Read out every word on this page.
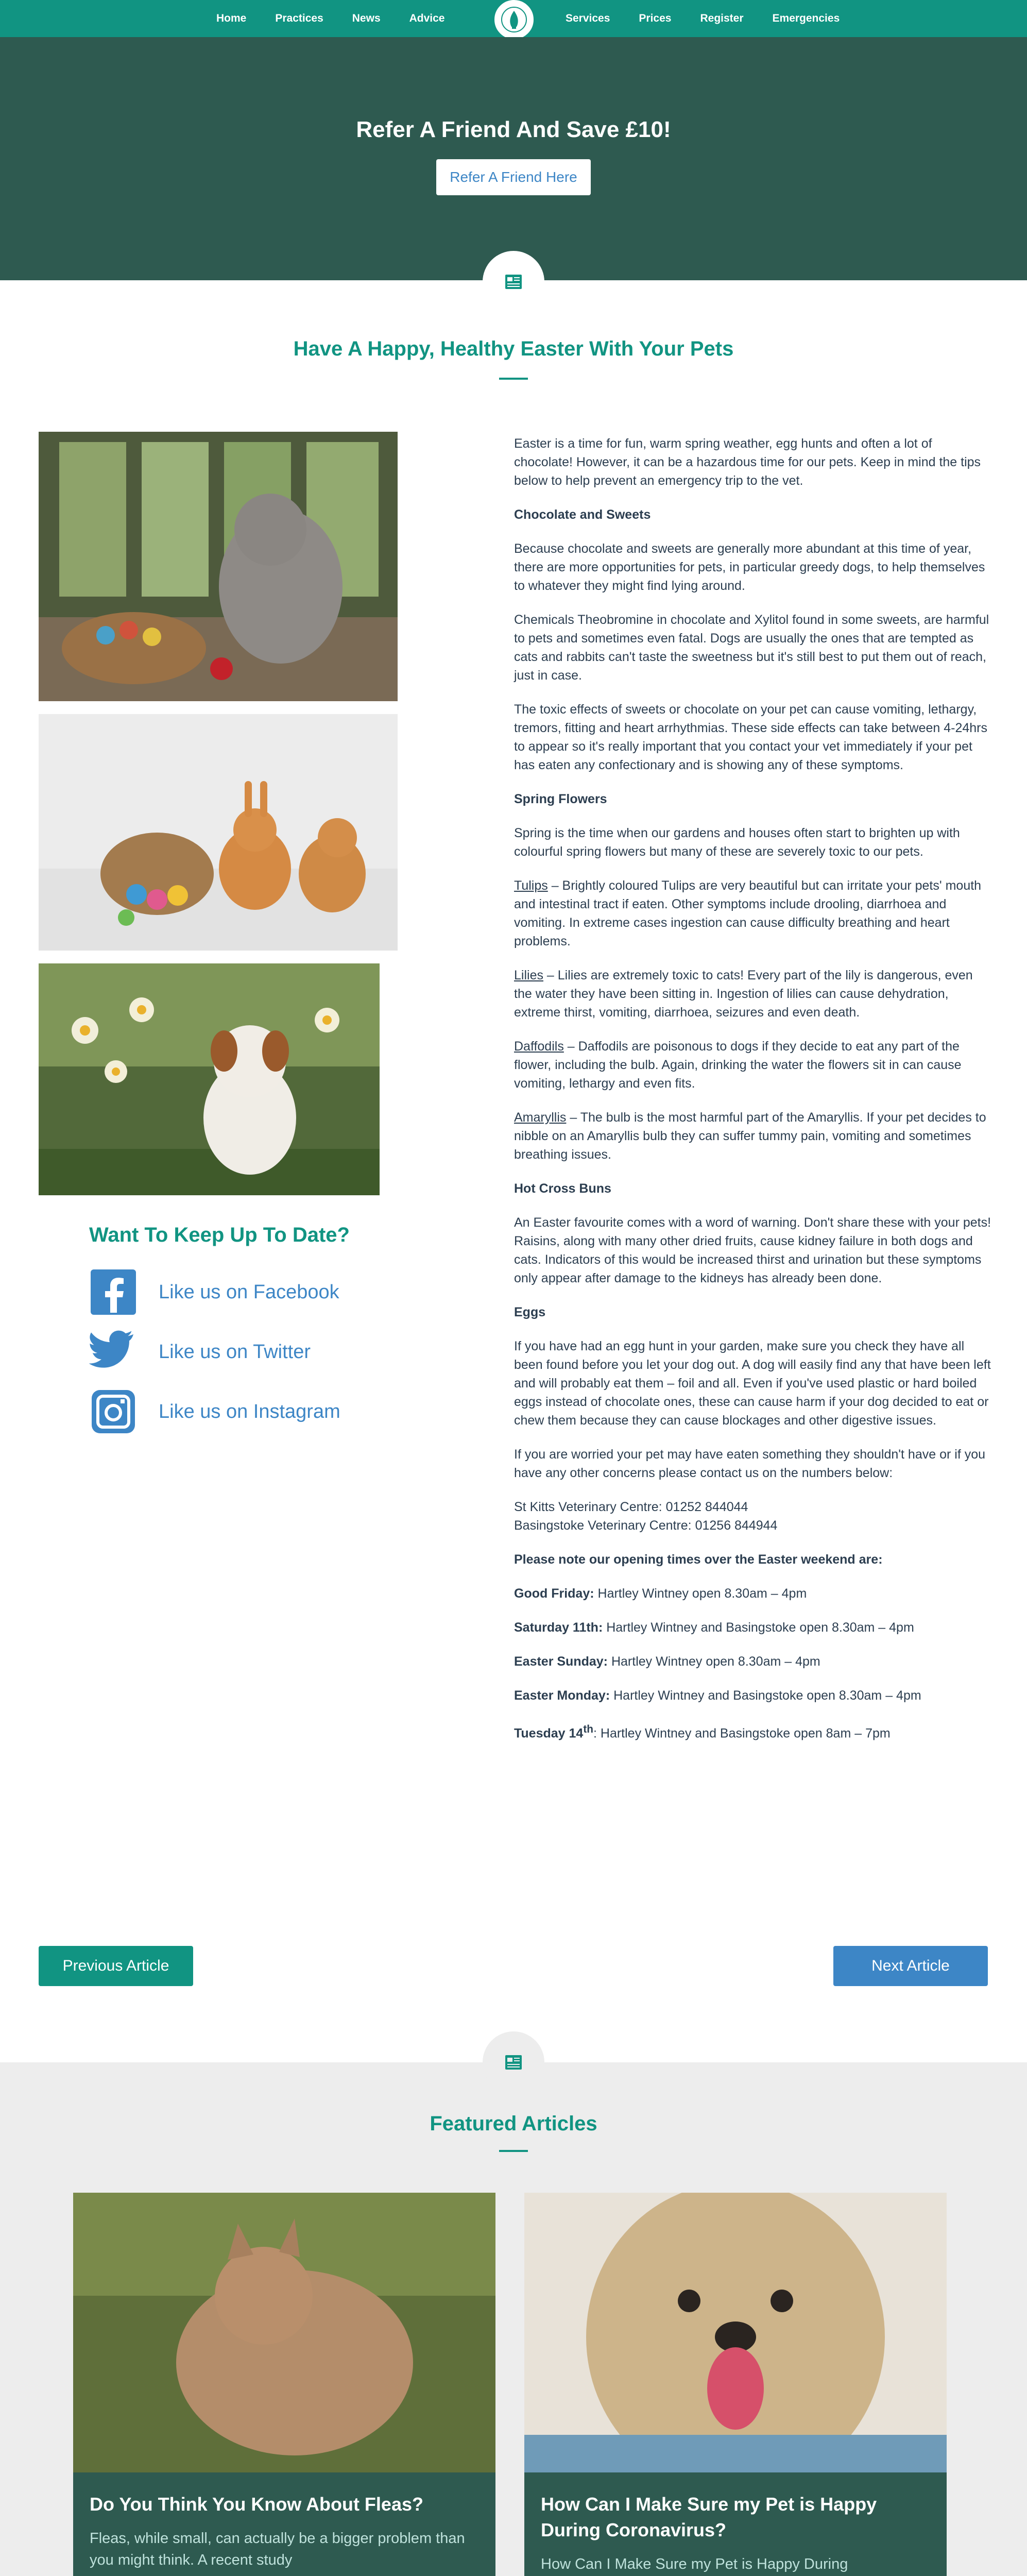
Home	Practices	News	Advice	Services	Prices	Register	Emergencies
Refer A Friend And Save £10!
Refer A Friend Here
Have A Happy, Healthy Easter With Your Pets
Want To Keep Up To Date?
Like us on Facebook
Like us on Twitter
Like us on Instagram

Easter is a time for fun, warm spring weather, egg hunts and often a lot of chocolate! However, it can be a hazardous time for our pets. Keep in mind the tips below to help prevent an emergency trip to the vet.

Chocolate and Sweets

Because chocolate and sweets are generally more abundant at this time of year, there are more opportunities for pets, in particular greedy dogs, to help themselves to whatever they might find lying around.

Chemicals Theobromine in chocolate and Xylitol found in some sweets, are harmful to pets and sometimes even fatal. Dogs are usually the ones that are tempted as cats and rabbits can't taste the sweetness but it's still best to put them out of reach, just in case.

The toxic effects of sweets or chocolate on your pet can cause vomiting, lethargy, tremors, fitting and heart arrhythmias. These side effects can take between 4-24hrs to appear so it's really important that you contact your vet immediately if your pet has eaten any confectionary and is showing any of these symptoms.

Spring Flowers

Spring is the time when our gardens and houses often start to brighten up with colourful spring flowers but many of these are severely toxic to our pets.

Tulips – Brightly coloured Tulips are very beautiful but can irritate your pets' mouth and intestinal tract if eaten. Other symptoms include drooling, diarrhoea and vomiting. In extreme cases ingestion can cause difficulty breathing and heart problems.

Lilies – Lilies are extremely toxic to cats! Every part of the lily is dangerous, even the water they have been sitting in. Ingestion of lilies can cause dehydration, extreme thirst, vomiting, diarrhoea, seizures and even death.

Daffodils – Daffodils are poisonous to dogs if they decide to eat any part of the flower, including the bulb. Again, drinking the water the flowers sit in can cause vomiting, lethargy and even fits.

Amaryllis – The bulb is the most harmful part of the Amaryllis. If your pet decides to nibble on an Amaryllis bulb they can suffer tummy pain, vomiting and sometimes breathing issues.

Hot Cross Buns

An Easter favourite comes with a word of warning. Don't share these with your pets! Raisins, along with many other dried fruits, cause kidney failure in both dogs and cats. Indicators of this would be increased thirst and urination but these symptoms only appear after damage to the kidneys has already been done.

Eggs

If you have had an egg hunt in your garden, make sure you check they have all been found before you let your dog out. A dog will easily find any that have been left and will probably eat them – foil and all. Even if you've used plastic or hard boiled eggs instead of chocolate ones, these can cause harm if your dog decided to eat or chew them because they can cause blockages and other digestive issues.

If you are worried your pet may have eaten something they shouldn't have or if you have any other concerns please contact us on the numbers below:

St Kitts Veterinary Centre: 01252 844044
Basingstoke Veterinary Centre: 01256 844944

Please note our opening times over the Easter weekend are:

Good Friday: Hartley Wintney open 8.30am – 4pm

Saturday 11th: Hartley Wintney and Basingstoke open 8.30am – 4pm

Easter Sunday: Hartley Wintney open 8.30am – 4pm

Easter Monday: Hartley Wintney and Basingstoke open 8.30am – 4pm

Tuesday 14th: Hartley Wintney and Basingstoke open 8am – 7pm

Previous Article	Next Article
Featured Articles
Do You Think You Know About Fleas?
Fleas, while small, can actually be a bigger problem than you might think. A recent study
How Can I Make Sure my Pet is Happy During Coronavirus?
How Can I Make Sure my Pet is Happy During
